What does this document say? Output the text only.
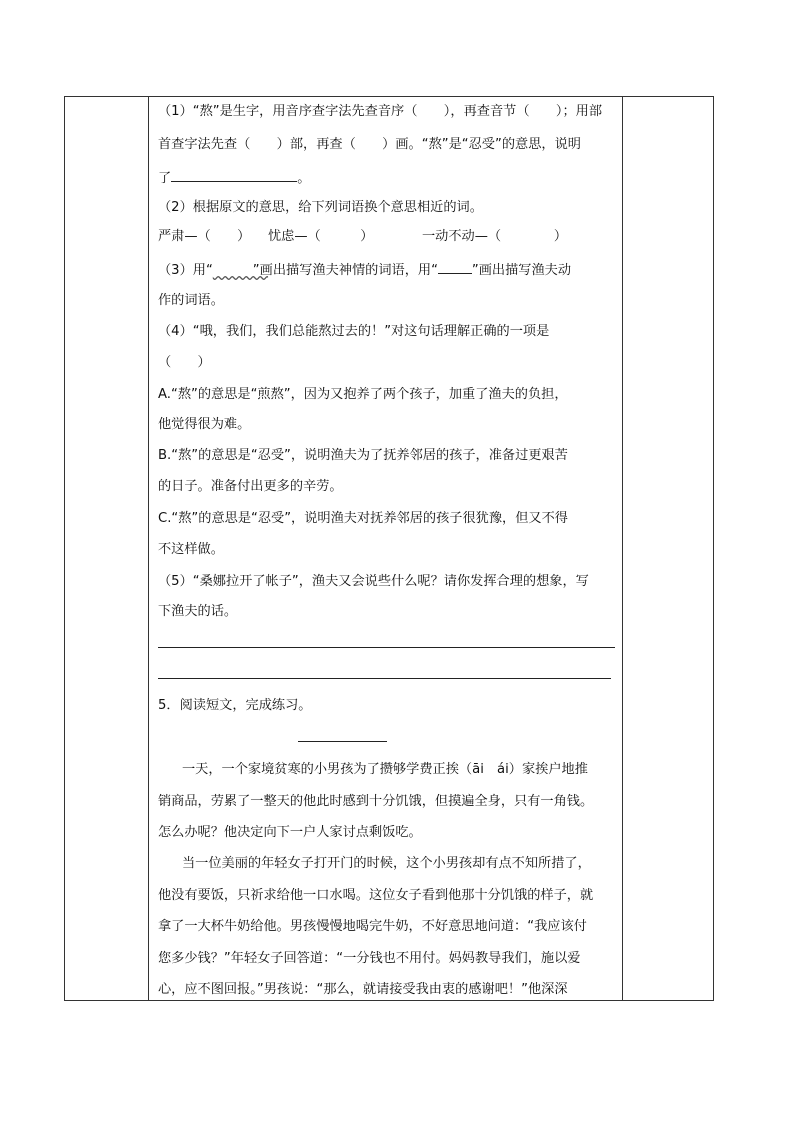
（1）“熬”是生字，用音序查字法先查音序（　　），再查音节（　　）；用部
首查字法先查（　　）部，再查（　　）画。“熬”是“忍受”的意思，说明
了	。
（2）根据原文的意思，给下列词语换个意思相近的词。
严肃—（　　） 忧虑—（　　　）	一动不动—（　　　　）
（3）用“	”画出描写渔夫神情的词语，用“	”画出描写渔夫动
作的词语。
（4）“哦，我们，我们总能熬过去的！”对这句话理解正确的一项是
（　　）
A.“熬”的意思是“煎熬”，因为又抱养了两个孩子，加重了渔夫的负担，
他觉得很为难。
B.“熬”的意思是“忍受”，说明渔夫为了抚养邻居的孩子，准备过更艰苦
的日子。准备付出更多的辛劳。
C.“熬”的意思是“忍受”，说明渔夫对抚养邻居的孩子很犹豫，但又不得
不这样做。
（5）“桑娜拉开了帐子”，渔夫又会说些什么呢？请你发挥合理的想象，写
下渔夫的话。
5．阅读短文，完成练习。
一天，一个家境贫寒的小男孩为了攒够学费正挨（āi　ái）家挨户地推
销商品，劳累了一整天的他此时感到十分饥饿，但摸遍全身，只有一角钱。
怎么办呢？他决定向下一户人家讨点剩饭吃。
当一位美丽的年轻女子打开门的时候，这个小男孩却有点不知所措了，
他没有要饭，只祈求给他一口水喝。这位女子看到他那十分饥饿的样子，就
拿了一大杯牛奶给他。男孩慢慢地喝完牛奶，不好意思地问道：“我应该付
您多少钱？”年轻女子回答道：“一分钱也不用付。妈妈教导我们，施以爱
心，应不图回报。”男孩说：“那么，就请接受我由衷的感谢吧！”他深深
